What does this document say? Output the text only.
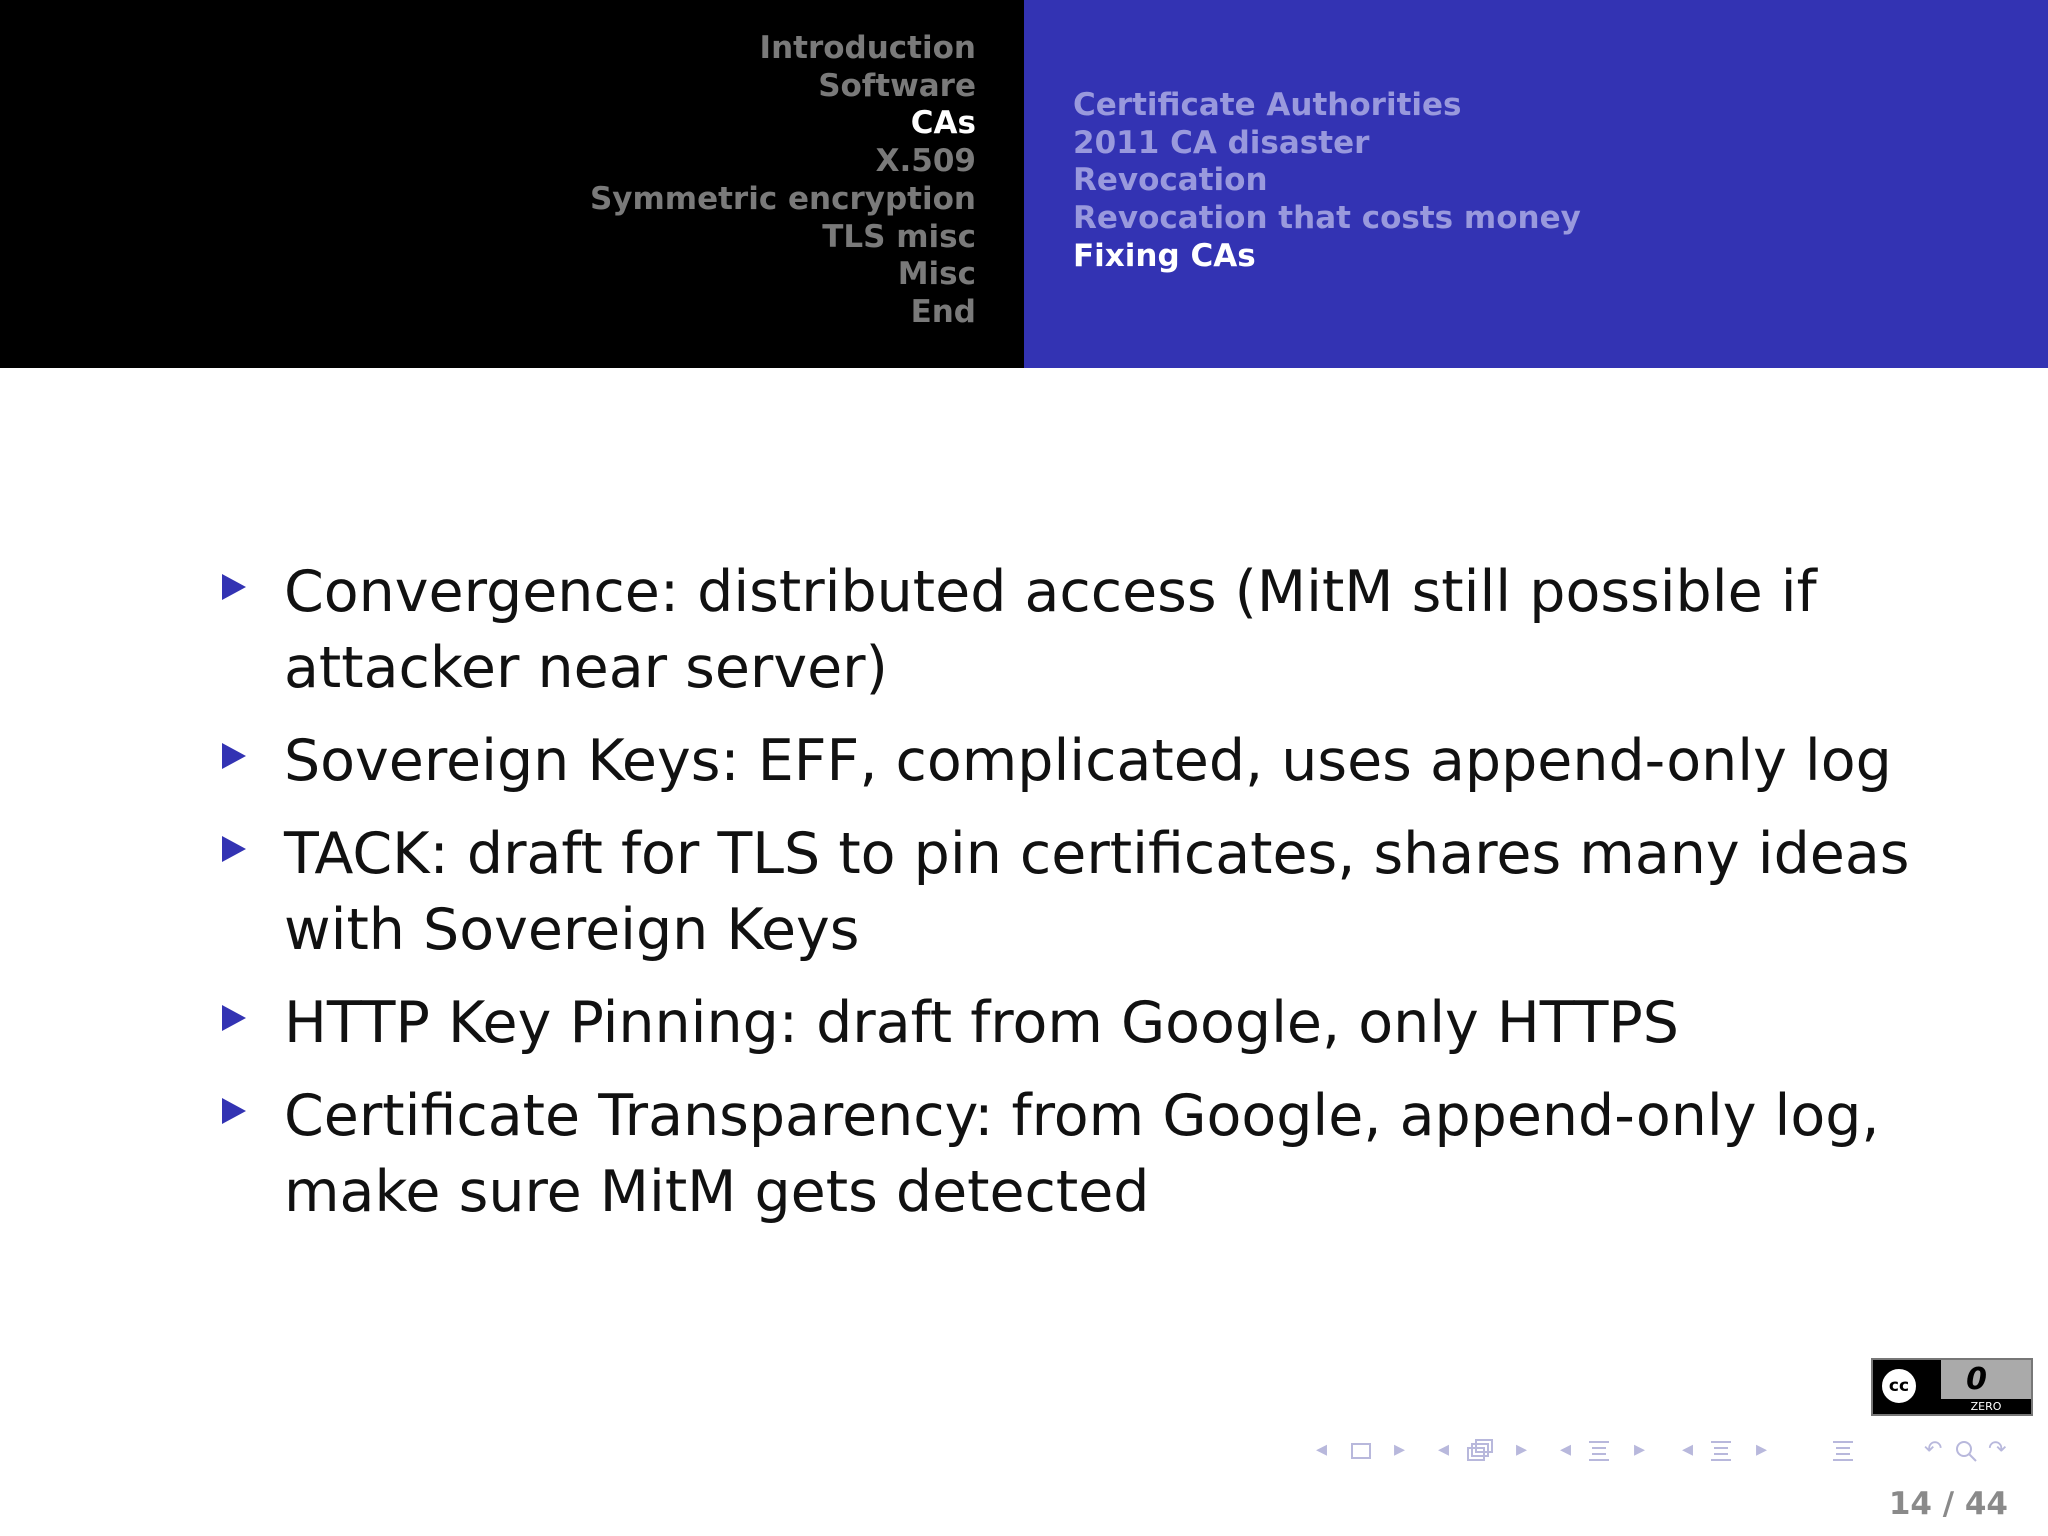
Introduction
Software
CAs
X.509
Symmetric encryption
TLS misc
Misc
End
Certificate Authorities
2011 CA disaster
Revocation
Revocation that costs money
Fixing CAs
Convergence: distributed access (MitM still possible if attacker near server)
Sovereign Keys: EFF, complicated, uses append-only log
TACK: draft for TLS to pin certificates, shares many ideas with Sovereign Keys
HTTP Key Pinning: draft from Google, only HTTPS
Certificate Transparency: from Google, append-only log, make sure MitM gets detected
cc	0
ZERO
◂	▸ ◂	▸ ◂	▸ ◂	▸	↶ ↷
14 / 44
